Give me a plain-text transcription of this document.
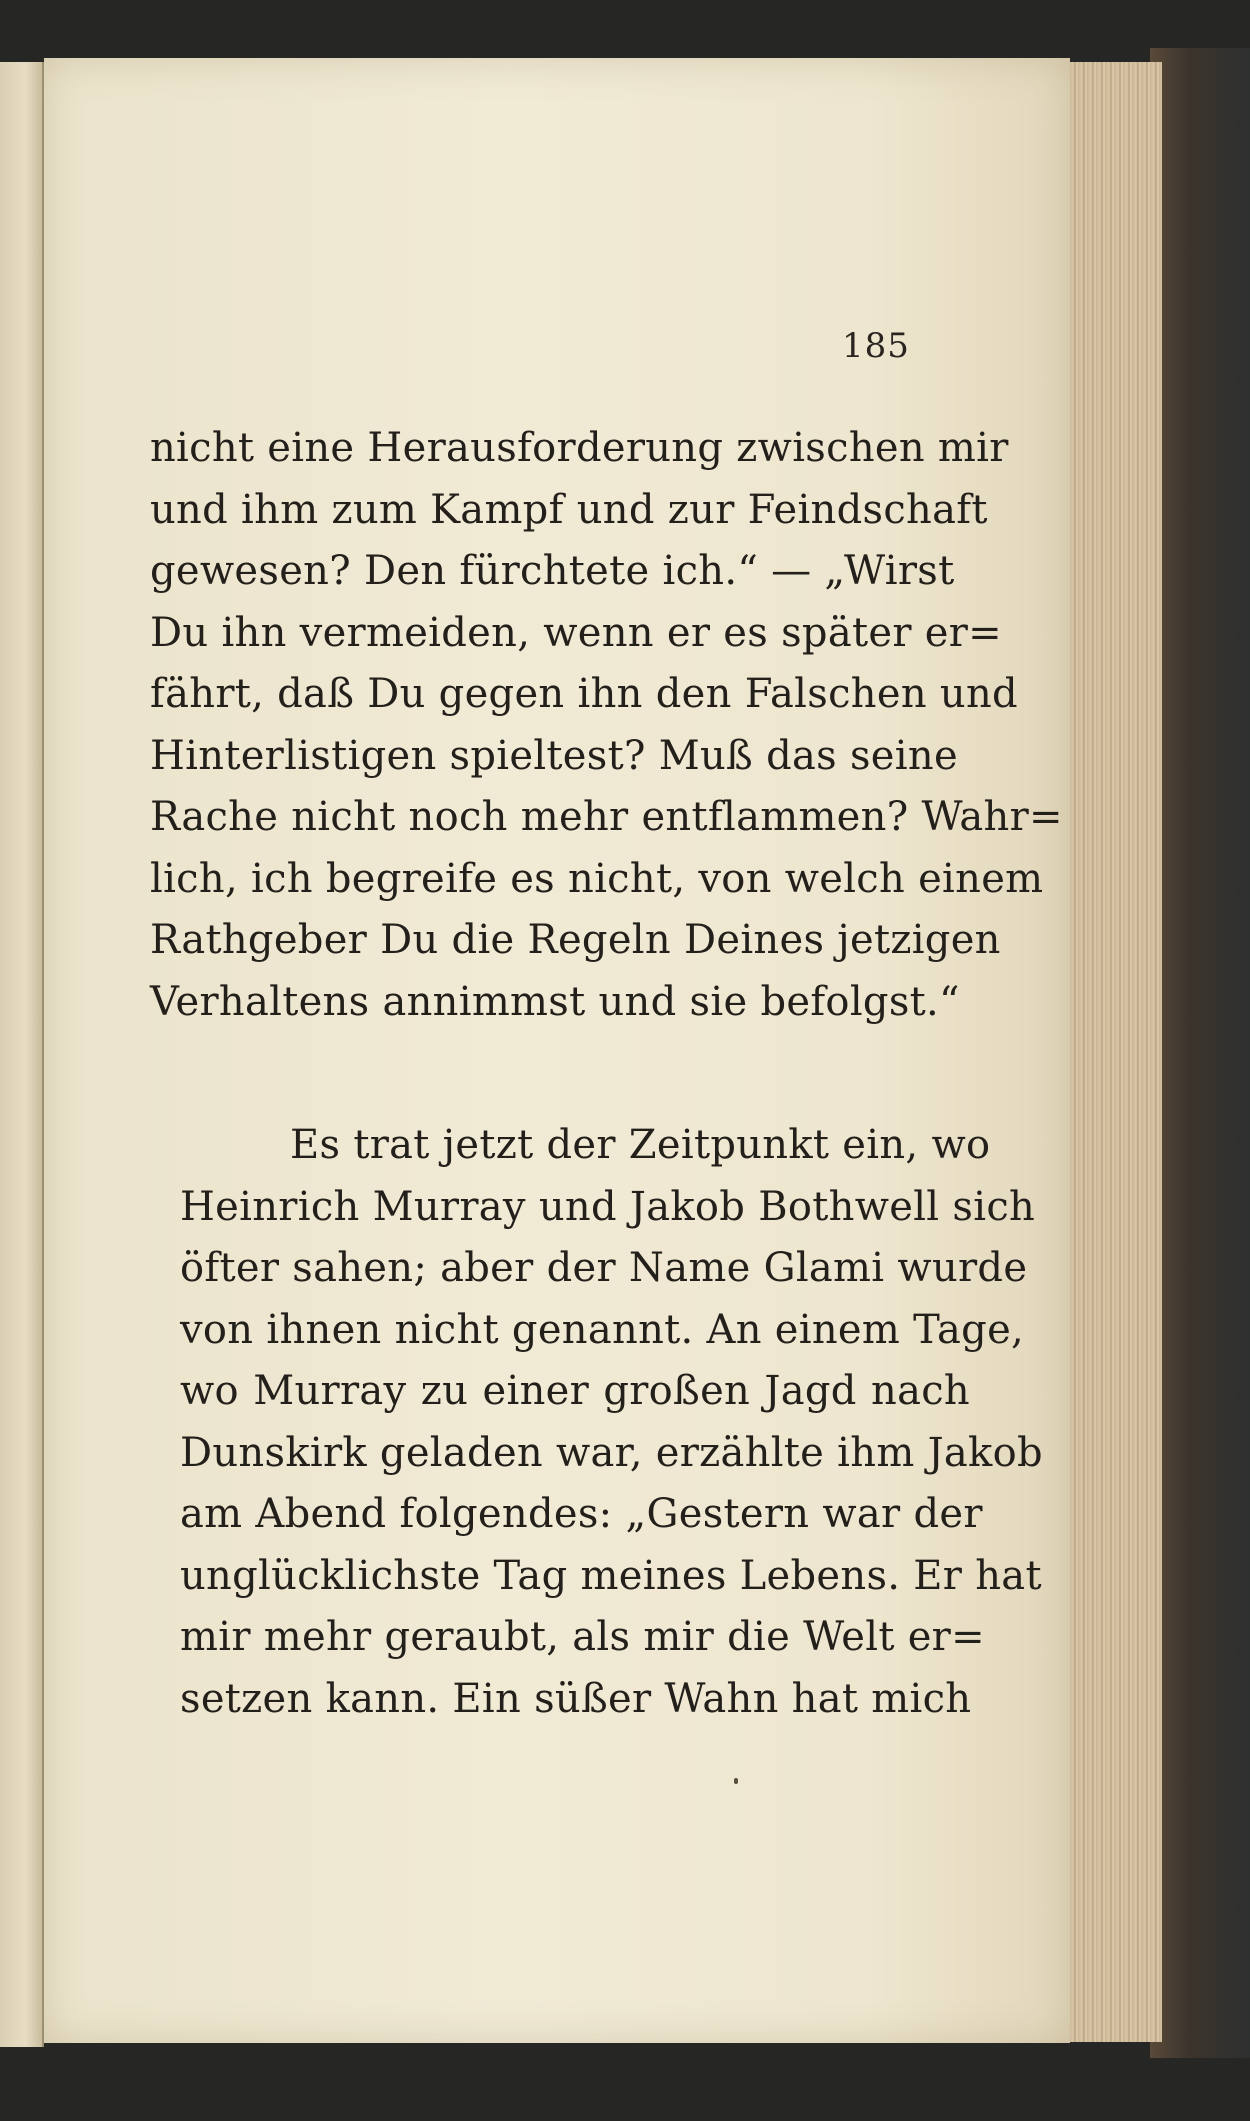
185
nicht eine Herausforderung zwischen mir
und ihm zum Kampf und zur Feindschaft
gewesen? Den fürchtete ich.“ — „Wirst
Du ihn vermeiden, wenn er es später er=
fährt, daß Du gegen ihn den Falschen und
Hinterlistigen spieltest? Muß das seine
Rache nicht noch mehr entflammen? Wahr=
lich, ich begreife es nicht, von welch einem
Rathgeber Du die Regeln Deines jetzigen
Verhaltens annimmst und sie befolgst.“
Es trat jetzt der Zeitpunkt ein, wo
Heinrich Murray und Jakob Bothwell sich
öfter sahen; aber der Name Glami wurde
von ihnen nicht genannt. An einem Tage,
wo Murray zu einer großen Jagd nach
Dunskirk geladen war, erzählte ihm Jakob
am Abend folgendes: „Gestern war der
unglücklichste Tag meines Lebens. Er hat
mir mehr geraubt, als mir die Welt er=
setzen kann. Ein süßer Wahn hat mich
